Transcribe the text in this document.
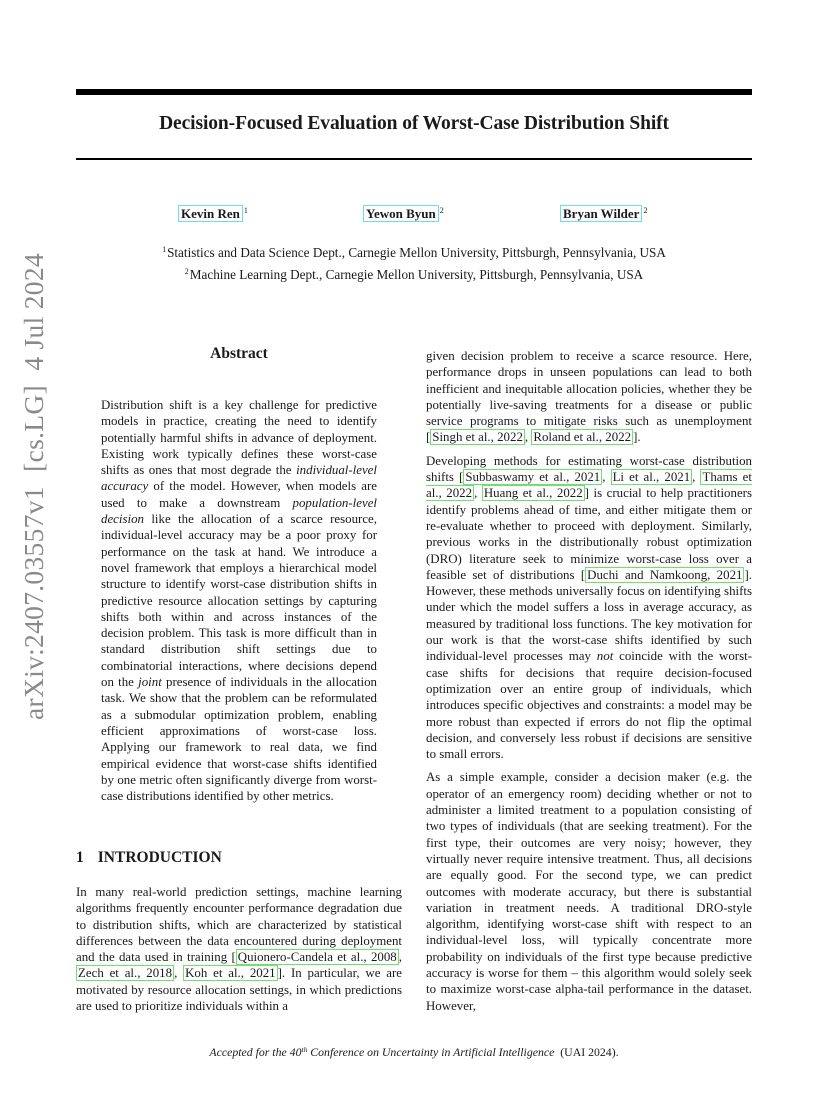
Decision-Focused Evaluation of Worst-Case Distribution Shift
Kevin Ren $^1$	Yewon Byun $^2$	Bryan Wilder $^2$
$^1$Statistics and Data Science Dept., Carnegie Mellon University, Pittsburgh, Pennsylvania, USA
$^2$Machine Learning Dept., Carnegie Mellon University, Pittsburgh, Pennsylvania, USA
arXiv:2407.03557v1  [cs.LG]  4 Jul 2024	Abstract

Distribution shift is a key challenge for predictive models in practice, creating the need to identify potentially harmful shifts in advance of deployment. Existing work typically defines these worst-case shifts as ones that most degrade the individual-level accuracy of the model. However, when models are used to make a downstream population-level decision like the allocation of a scarce resource, individual-level accuracy may be a poor proxy for performance on the task at hand. We introduce a novel framework that employs a hierarchical model structure to identify worst-case distribution shifts in predictive resource allocation settings by capturing shifts both within and across instances of the decision problem. This task is more difficult than in standard distribution shift settings due to combinatorial interactions, where decisions depend on the joint presence of individuals in the allocation task. We show that the problem can be reformulated as a submodular optimization problem, enabling efficient approximations of worst-case loss. Applying our framework to real data, we find empirical evidence that worst-case shifts identified by one metric often significantly diverge from worst-case distributions identified by other metrics.

1 INTRODUCTION

In many real-world prediction settings, machine learning algorithms frequently encounter performance degradation due to distribution shifts, which are characterized by statistical differences between the data encountered during deployment and the data used in training [ Quionero-Candela et al., 2008 , Zech et al., 2018 , Koh et al., 2021 ]. In particular, we are motivated by resource allocation settings, in which predictions are used to prioritize individuals within a

given decision problem to receive a scarce resource. Here, performance drops in unseen populations can lead to both inefficient and inequitable allocation policies, whether they be potentially live-saving treatments for a disease or public service programs to mitigate risks such as unemployment [ Singh et al., 2022 , Roland et al., 2022 ].

Developing methods for estimating worst-case distribution shifts [ Subbaswamy et al., 2021 , Li et al., 2021 , Thams et al., 2022 , Huang et al., 2022 ] is crucial to help practitioners identify problems ahead of time, and either mitigate them or re-evaluate whether to proceed with deployment. Similarly, previous works in the distributionally robust optimization (DRO) literature seek to minimize worst-case loss over a feasible set of distributions [ Duchi and Namkoong, 2021 ]. However, these methods universally focus on identifying shifts under which the model suffers a loss in average accuracy, as measured by traditional loss functions. The key motivation for our work is that the worst-case shifts identified by such individual-level processes may not coincide with the worst-case shifts for decisions that require decision-focused optimization over an entire group of individuals, which introduces specific objectives and constraints: a model may be more robust than expected if errors do not flip the optimal decision, and conversely less robust if decisions are sensitive to small errors.

As a simple example, consider a decision maker (e.g. the operator of an emergency room) deciding whether or not to administer a limited treatment to a population consisting of two types of individuals (that are seeking treatment). For the first type, their outcomes are very noisy; however, they virtually never require intensive treatment. Thus, all decisions are equally good. For the second type, we can predict outcomes with moderate accuracy, but there is substantial variation in treatment needs. A traditional DRO-style algorithm, identifying worst-case shift with respect to an individual-level loss, will typically concentrate more probability on individuals of the first type because predictive accuracy is worse for them – this algorithm would solely seek to maximize worst-case alpha-tail performance in the dataset. However,

Accepted for the 40th Conference on Uncertainty in Artificial Intelligence (UAI 2024).
